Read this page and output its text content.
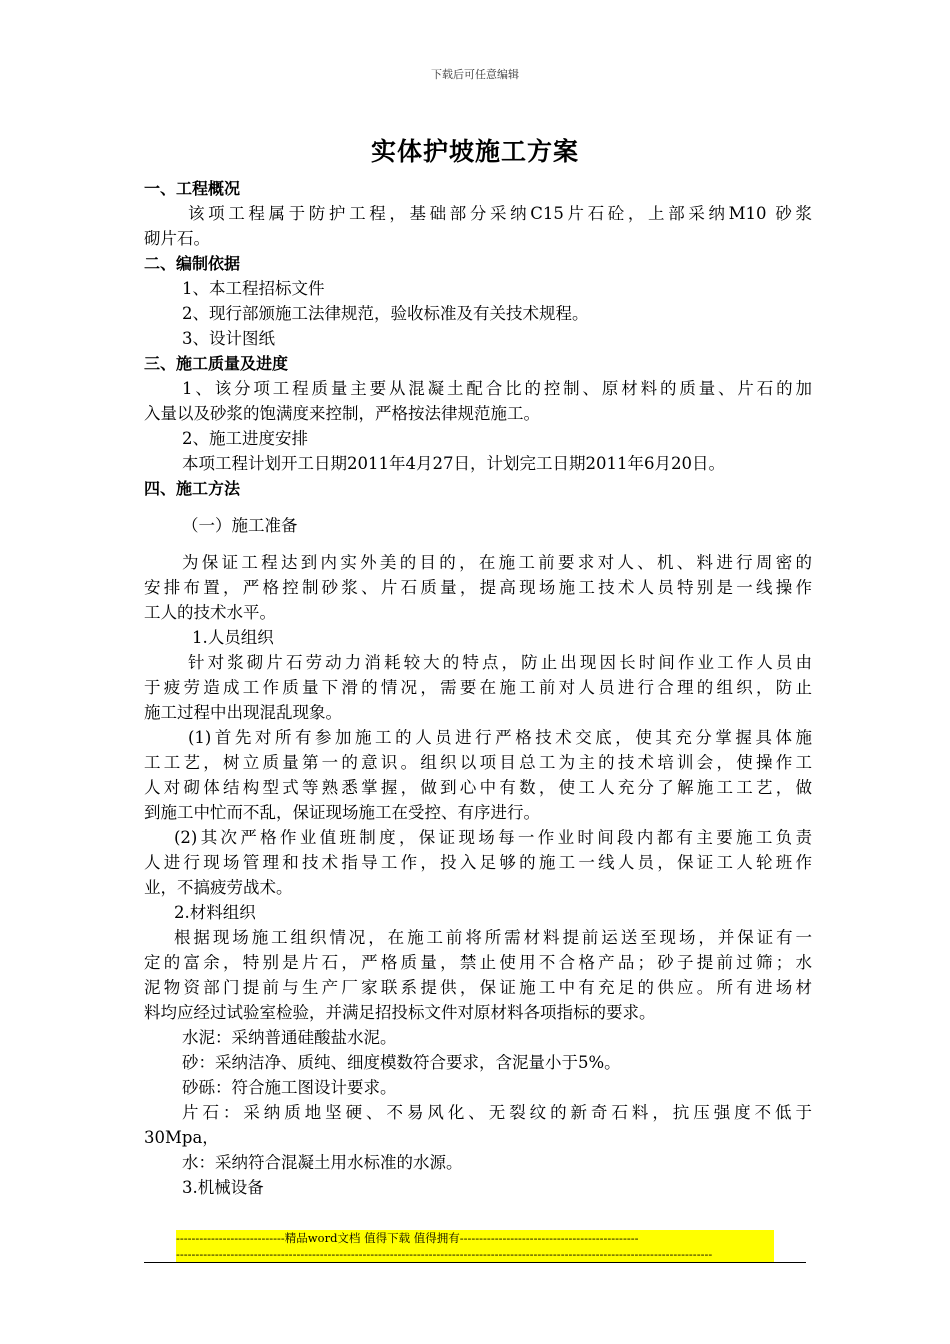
下载后可任意编辑
实体护坡施工方案
一、工程概况
该项工程属于防护工程，基础部分采纳C15片石砼，上部采纳M10 砂浆
砌片石。
二、编制依据
1、本工程招标文件
2、现行部颁施工法律规范，验收标准及有关技术规程。
3、设计图纸
三、施工质量及进度
1、该分项工程质量主要从混凝土配合比的控制、原材料的质量、片石的加
入量以及砂浆的饱满度来控制，严格按法律规范施工。
2、施工进度安排
本项工程计划开工日期2011年4月27日，计划完工日期2011年6月20日。
四、施工方法
（一）施工准备
为保证工程达到内实外美的目的，在施工前要求对人、机、料进行周密的
安排布置，严格控制砂浆、片石质量，提高现场施工技术人员特别是一线操作
工人的技术水平。
1.人员组织
针对浆砌片石劳动力消耗较大的特点，防止出现因长时间作业工作人员由
于疲劳造成工作质量下滑的情况，需要在施工前对人员进行合理的组织，防止
施工过程中出现混乱现象。
(1)首先对所有参加施工的人员进行严格技术交底，使其充分掌握具体施
工工艺，树立质量第一的意识。组织以项目总工为主的技术培训会，使操作工
人对砌体结构型式等熟悉掌握，做到心中有数，使工人充分了解施工工艺，做
到施工中忙而不乱，保证现场施工在受控、有序进行。
(2)其次严格作业值班制度，保证现场每一作业时间段内都有主要施工负责
人进行现场管理和技术指导工作，投入足够的施工一线人员，保证工人轮班作
业，不搞疲劳战术。
2.材料组织
根据现场施工组织情况，在施工前将所需材料提前运送至现场，并保证有一
定的富余，特别是片石，严格质量，禁止使用不合格产品；砂子提前过筛；水
泥物资部门提前与生产厂家联系提供，保证施工中有充足的供应。所有进场材
料均应经过试验室检验，并满足招投标文件对原材料各项指标的要求。
水泥：采纳普通硅酸盐水泥。
砂：采纳洁净、质纯、细度模数符合要求，含泥量小于5%。
砂砾：符合施工图设计要求。
片石：采纳质地坚硬、不易风化、无裂纹的新奇石料，抗压强度不低于
30Mpa，
水：采纳符合混凝土用水标准的水源。
3.机械设备
----------------------------精品word文档 值得下载 值得拥有----------------------------------------------
------------------------------------------------------------------------------------------------------------------------------------------
